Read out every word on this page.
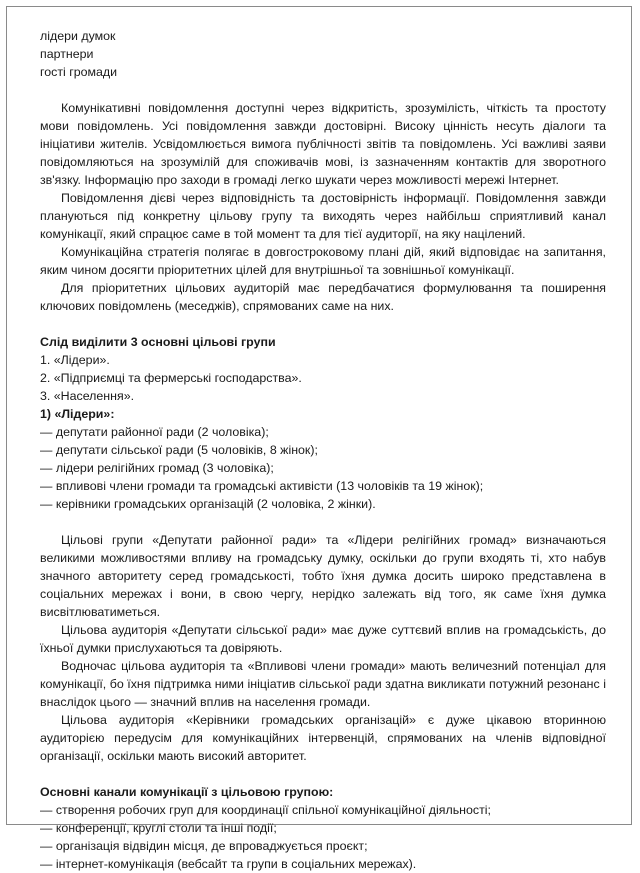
лідери думок

партнери

гості громади

Комунікативні повідомлення доступні через відкритість, зрозумілість, чіткість та простоту мови повідомлень. Усі повідомлення завжди достовірні. Високу цінність несуть діалоги та ініціативи жителів. Усвідомлюється вимога публічності звітів та повідомлень. Усі важливі заяви повідомляються на зрозумілій для споживачів мові, із зазначенням контактів для зворотного зв'язку. Інформацію про заходи в громаді легко шукати через можливості мережі Інтернет.

Повідомлення дієві через відповідність та достовірність інформації. Повідомлення завжди плануються під конкретну цільову групу та виходять через найбільш сприятливий канал комунікації, який спрацює саме в той момент та для тієї аудиторії, на яку націлений.

Комунікаційна стратегія полягає в довгостроковому плані дій, який відповідає на запитання, яким чином досягти пріоритетних цілей для внутрішньої та зовнішньої комунікації.

Для пріоритетних цільових аудиторій має передбачатися формулювання та поширення ключових повідомлень (меседжів), спрямованих саме на них.

Слід виділити 3 основні цільові групи

1. «Лідери».

2. «Підприємці та фермерські господарства».

3. «Населення».

1) «Лідери»:

— депутати районної ради (2 чоловіка);

— депутати сільської ради (5 чоловіків, 8 жінок);

— лідери релігійних громад (3 чоловіка);

— впливові члени громади та громадські активісти (13 чоловіків та 19 жінок);

— керівники громадських організацій (2 чоловіка, 2 жінки).

Цільові групи «Депутати районної ради» та «Лідери релігійних громад» визначаються великими можливостями впливу на громадську думку, оскільки до групи входять ті, хто набув значного авторитету серед громадськості, тобто їхня думка досить широко представлена в соціальних мережах і вони, в свою чергу, нерідко залежать від того, як саме їхня думка висвітлюватиметься.

Цільова аудиторія «Депутати сільської ради» має дуже суттєвий вплив на громадськість, до їхньої думки прислухаються та довіряють.

Водночас цільова аудиторія та «Впливові члени громади» мають величезний потенціал для комунікації, бо їхня підтримка ними ініціатив сільської ради здатна викликати потужний резонанс і внаслідок цього — значний вплив на населення громади.

Цільова аудиторія «Керівники громадських організацій» є дуже цікавою вторинною аудиторією передусім для комунікаційних інтервенцій, спрямованих на членів відповідної організації, оскільки мають високий авторитет.

Основні канали комунікації з цільовою групою:

— створення робочих груп для координації спільної комунікаційної діяльності;

— конференції, круглі столи та інші події;

— організація відвідин місця, де впроваджується проєкт;

— інтернет-комунікація (вебсайт та групи в соціальних мережах).
